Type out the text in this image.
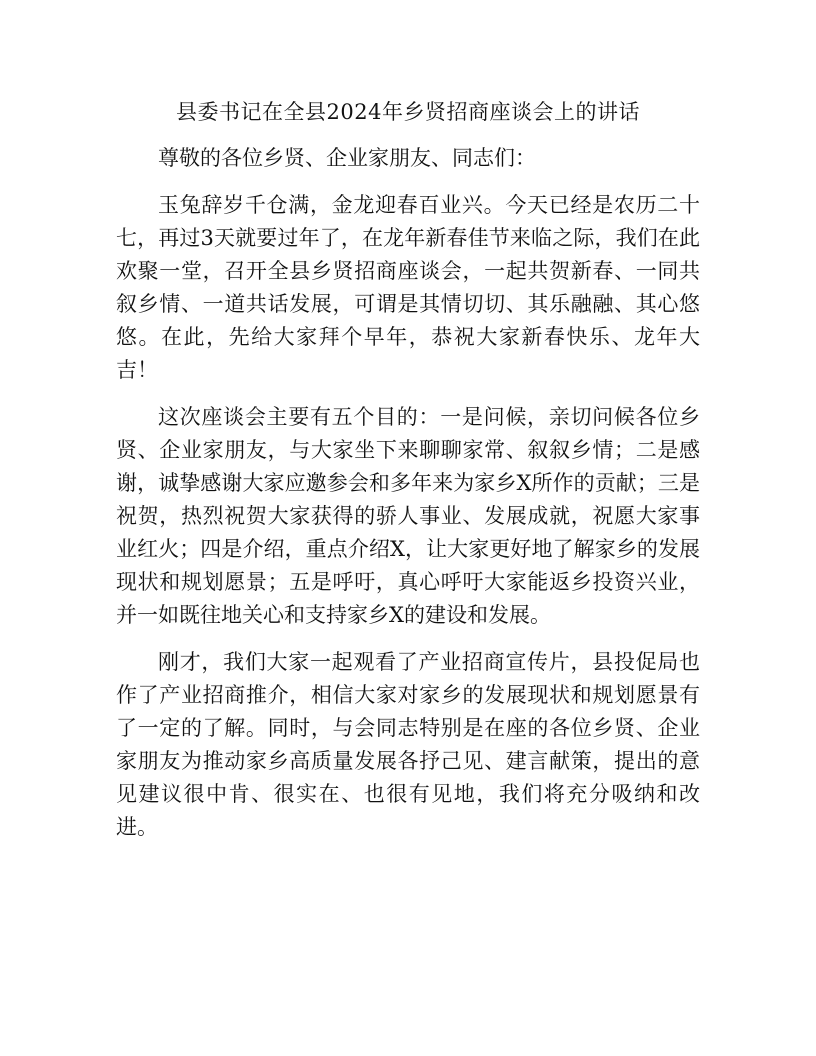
县委书记在全县2024年乡贤招商座谈会上的讲话

尊敬的各位乡贤、企业家朋友、同志们：

玉兔辞岁千仓满，金龙迎春百业兴。今天已经是农历二十七，再过3天就要过年了，在龙年新春佳节来临之际，我们在此欢聚一堂，召开全县乡贤招商座谈会，一起共贺新春、一同共叙乡情、一道共话发展，可谓是其情切切、其乐融融、其心悠悠。在此，先给大家拜个早年，恭祝大家新春快乐、龙年大吉！

这次座谈会主要有五个目的：一是问候，亲切问候各位乡贤、企业家朋友，与大家坐下来聊聊家常、叙叙乡情；二是感谢，诚挚感谢大家应邀参会和多年来为家乡X所作的贡献；三是祝贺，热烈祝贺大家获得的骄人事业、发展成就，祝愿大家事业红火；四是介绍，重点介绍X，让大家更好地了解家乡的发展现状和规划愿景；五是呼吁，真心呼吁大家能返乡投资兴业，并一如既往地关心和支持家乡X的建设和发展。

刚才，我们大家一起观看了产业招商宣传片，县投促局也作了产业招商推介，相信大家对家乡的发展现状和规划愿景有了一定的了解。同时，与会同志特别是在座的各位乡贤、企业家朋友为推动家乡高质量发展各抒己见、建言献策，提出的意见建议很中肯、很实在、也很有见地，我们将充分吸纳和改进。
